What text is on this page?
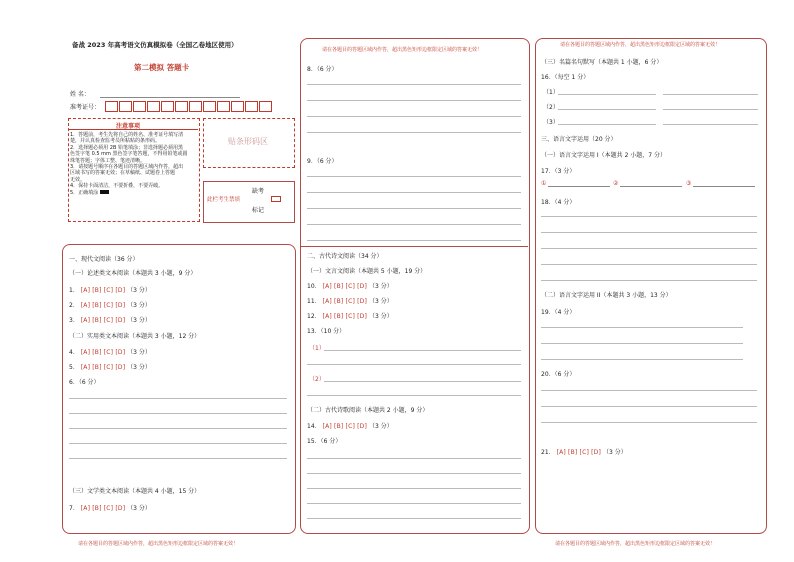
备战 2023 年高考语文仿真模拟卷（全国乙卷地区使用）
第二模拟 答题卡
姓 名：
准考证号：
注意事项
1．答题前，考生先将自己的姓名、准考证号填写清
楚，并认真检查监考员所粘贴的条形码。
2．选择题必须用 2B 铅笔填涂；非选择题必须用黑
色签字笔 0.5 mm 黑色签字笔答题，不得用铅笔或圆
珠笔答题；字体工整、笔迹清晰。
3．请按题号顺序在各题目的答题区域内作答，超出
区域书写的答案无效；在草稿纸、试题卷上答题
无效。
4．保持卡面清洁，不要折叠，不要弄破。
5．正确填涂
贴条形码区
缺考
此栏考生禁填
标记
一、现代文阅读（36 分）
（一）论述类文本阅读（本题共 3 小题，9 分）
1． [A] [B] [C] [D] （3 分）
2． [A] [B] [C] [D] （3 分）
3． [A] [B] [C] [D] （3 分）
（二）实用类文本阅读（本题共 3 小题，12 分）
4． [A] [B] [C] [D] （3 分）
5． [A] [B] [C] [D] （3 分）
6．（6 分）
（三）文学类文本阅读（本题共 4 小题，15 分）
7． [A] [B] [C] [D] （3 分）
请在各题目的答题区域内作答，超出黑色矩形边框限定区域的答案无效！
请在各题目的答题区域内作答，超出黑色矩形边框限定区域的答案无效！
8．（6 分）
9．（6 分）
二、古代诗文阅读（34 分）
（一）文言文阅读（本题共 5 小题，19 分）
10． [A] [B] [C] [D] （3 分）
11． [A] [B] [C] [D] （3 分）
12． [A] [B] [C] [D] （3 分）
13．（10 分）
（1）
（2）
（二）古代诗歌阅读（本题共 2 小题，9 分）
14． [A] [B] [C] [D] （3 分）
15．（6 分）
请在各题目的答题区域内作答，超出黑色矩形边框限定区域的答案无效！
（三）名篇名句默写（本题共 1 小题，6 分）
16．（每空 1 分）
（1）
（2）
（3）
三、语言文字运用（20 分）
（一）语言文字运用 I（本题共 2 小题，7 分）
17．（3 分）
①	②	③
18．（4 分）
（二）语言文字运用 II（本题共 3 小题，13 分）
19．（4 分）
20．（6 分）
21． [A] [B] [C] [D] （3 分）
请在各题目的答题区域内作答，超出黑色矩形边框限定区域的答案无效！
